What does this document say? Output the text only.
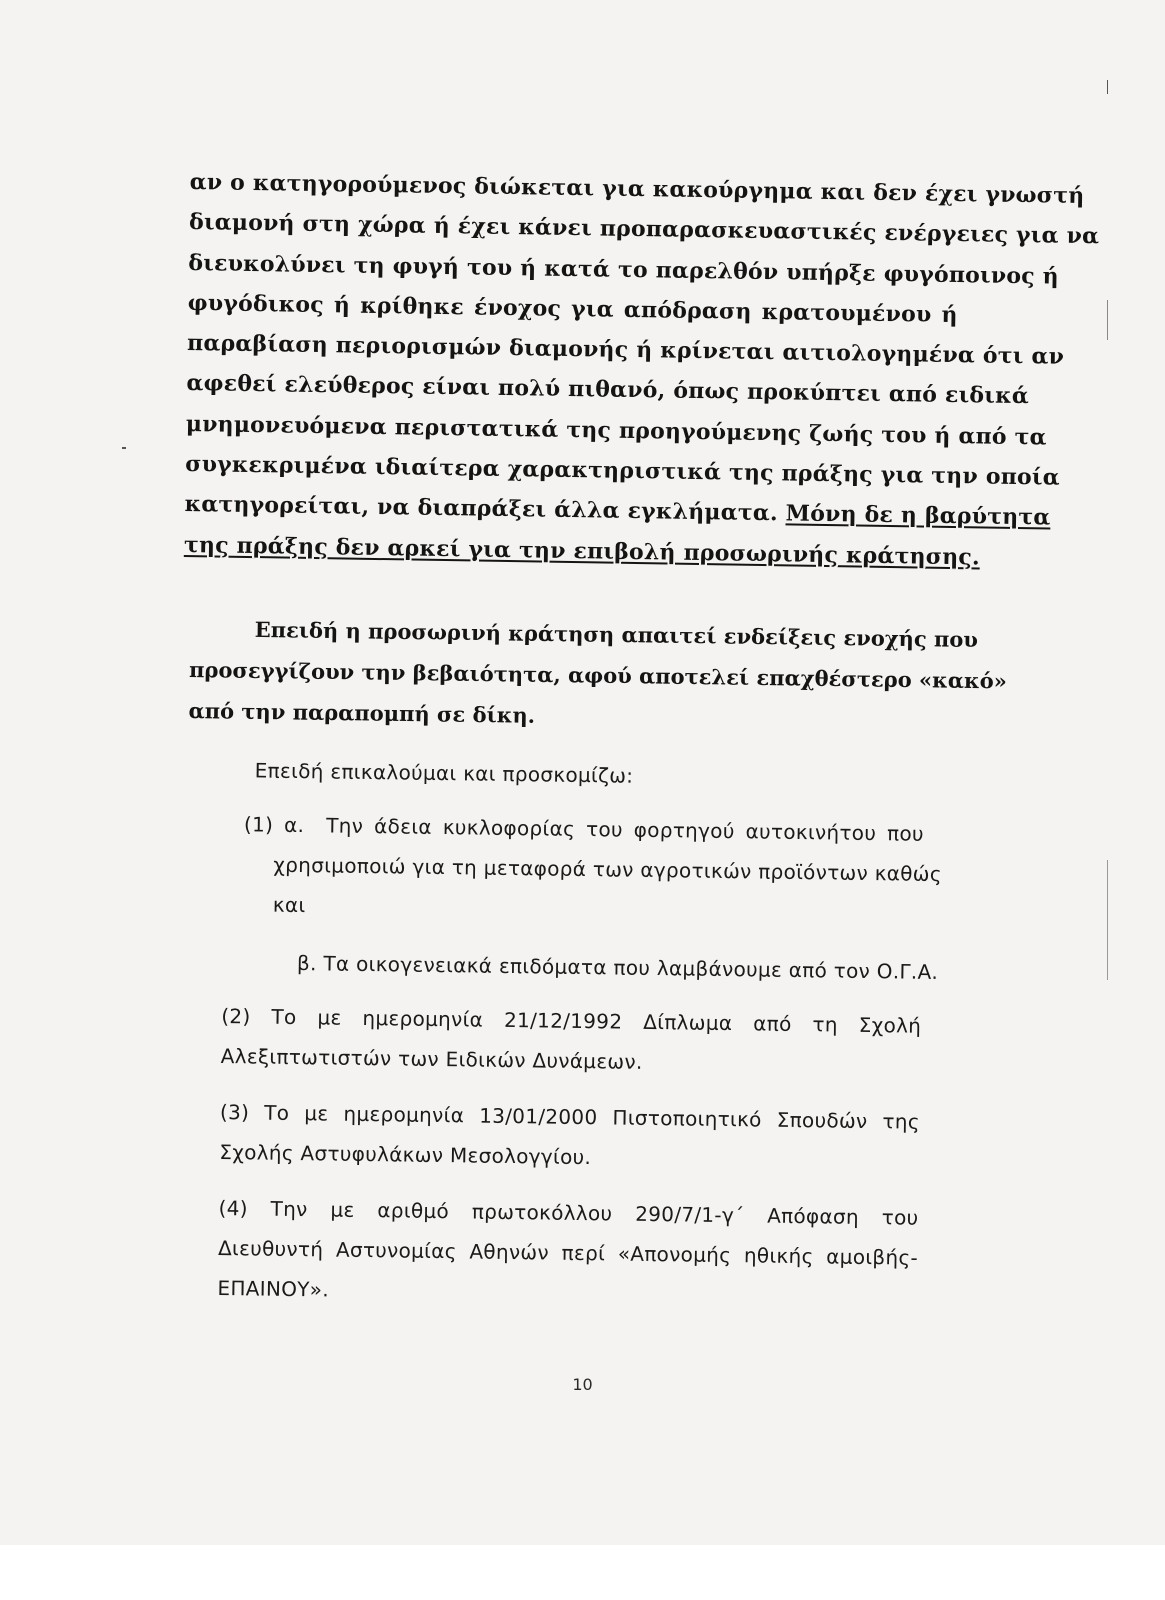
αν ο κατηγορούμενος διώκεται για κακούργημα και δεν έχει γνωστή
διαμονή στη χώρα ή έχει κάνει προπαρασκευαστικές ενέργειες για να
διευκολύνει τη φυγή του ή κατά το παρελθόν υπήρξε φυγόποινος ή
φυγόδικος ή κρίθηκε ένοχος για απόδραση κρατουμένου ή
παραβίαση περιορισμών διαμονής ή κρίνεται αιτιολογημένα ότι αν
αφεθεί ελεύθερος είναι πολύ πιθανό, όπως προκύπτει από ειδικά
μνημονευόμενα περιστατικά της προηγούμενης ζωής του ή από τα
συγκεκριμένα ιδιαίτερα χαρακτηριστικά της πράξης για την οποία
κατηγορείται, να διαπράξει άλλα εγκλήματα. Μόνη δε η βαρύτητα
της πράξης δεν αρκεί για την επιβολή προσωρινής κράτησης.
Επειδή η προσωρινή κράτηση απαιτεί ενδείξεις ενοχής που
προσεγγίζουν την βεβαιότητα, αφού αποτελεί επαχθέστερο «κακό»
από την παραπομπή σε δίκη.
Επειδή επικαλούμαι και προσκομίζω:
(1) α. Την άδεια κυκλοφορίας του φορτηγού αυτοκινήτου που
χρησιμοποιώ για τη μεταφορά των αγροτικών προϊόντων καθώς
και
β. Τα οικογενειακά επιδόματα που λαμβάνουμε από τον Ο.Γ.Α.
(2) Το με ημερομηνία 21/12/1992 Δίπλωμα από τη Σχολή
Αλεξιπτωτιστών των Ειδικών Δυνάμεων.
(3) Το με ημερομηνία 13/01/2000 Πιστοποιητικό Σπουδών της
Σχολής Αστυφυλάκων Μεσολογγίου.
(4) Την με αριθμό πρωτοκόλλου 290/7/1-γ΄ Απόφαση του
Διευθυντή Αστυνομίας Αθηνών περί «Απονομής ηθικής αμοιβής-
ΕΠΑΙΝΟΥ».
10
